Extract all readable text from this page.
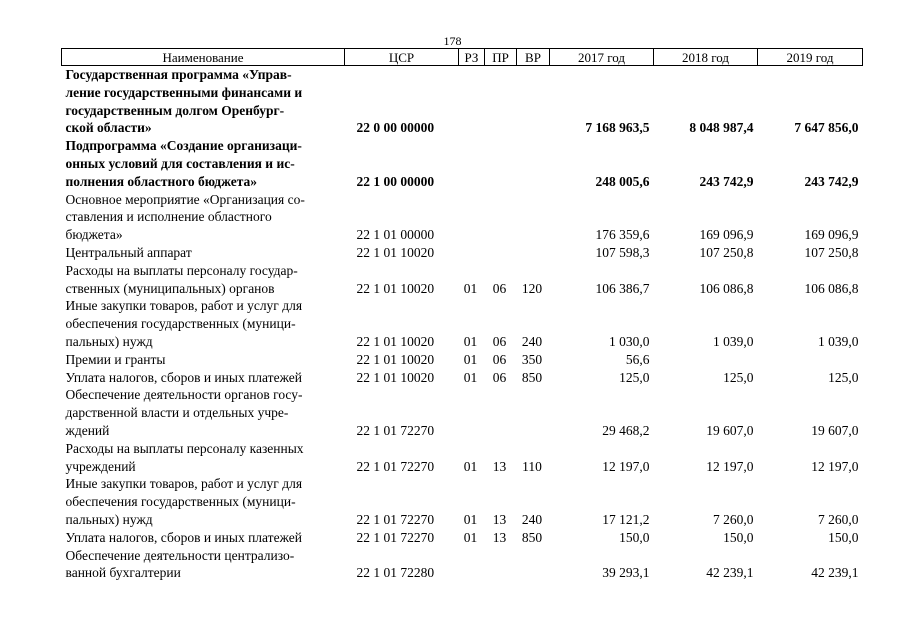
178
Наименование	ЦСР	РЗ	ПР	ВР	2017 год	2018 год	2019 год

Государственная программа «Управ-
ление государственными финансами и
государственным долгом Оренбург-
ской области»	22 0 00 00000				7 168 963,5	8 048 987,4	7 647 856,0

Подпрограмма «Создание организаци-
онных условий для составления и ис-
полнения областного бюджета»	22 1 00 00000				248 005,6	243 742,9	243 742,9

Основное мероприятие «Организация со-
ставления и исполнение областного
бюджета»	22 1 01 00000				176 359,6	169 096,9	169 096,9

Центральный аппарат	22 1 01 10020				107 598,3	107 250,8	107 250,8

Расходы на выплаты персоналу государ-
ственных (муниципальных) органов	22 1 01 10020	01	06	120	106 386,7	106 086,8	106 086,8

Иные закупки товаров, работ и услуг для
обеспечения государственных (муници-
пальных) нужд	22 1 01 10020	01	06	240	1 030,0	1 039,0	1 039,0

Премии и гранты	22 1 01 10020	01	06	350	56,6		

Уплата налогов, сборов и иных платежей	22 1 01 10020	01	06	850	125,0	125,0	125,0

Обеспечение деятельности органов госу-
дарственной власти и отдельных учре-
ждений	22 1 01 72270				29 468,2	19 607,0	19 607,0

Расходы на выплаты персоналу казенных
учреждений	22 1 01 72270	01	13	110	12 197,0	12 197,0	12 197,0

Иные закупки товаров, работ и услуг для
обеспечения государственных (муници-
пальных) нужд	22 1 01 72270	01	13	240	17 121,2	7 260,0	7 260,0

Уплата налогов, сборов и иных платежей	22 1 01 72270	01	13	850	150,0	150,0	150,0

Обеспечение деятельности централизо-
ванной бухгалтерии	22 1 01 72280				39 293,1	42 239,1	42 239,1
